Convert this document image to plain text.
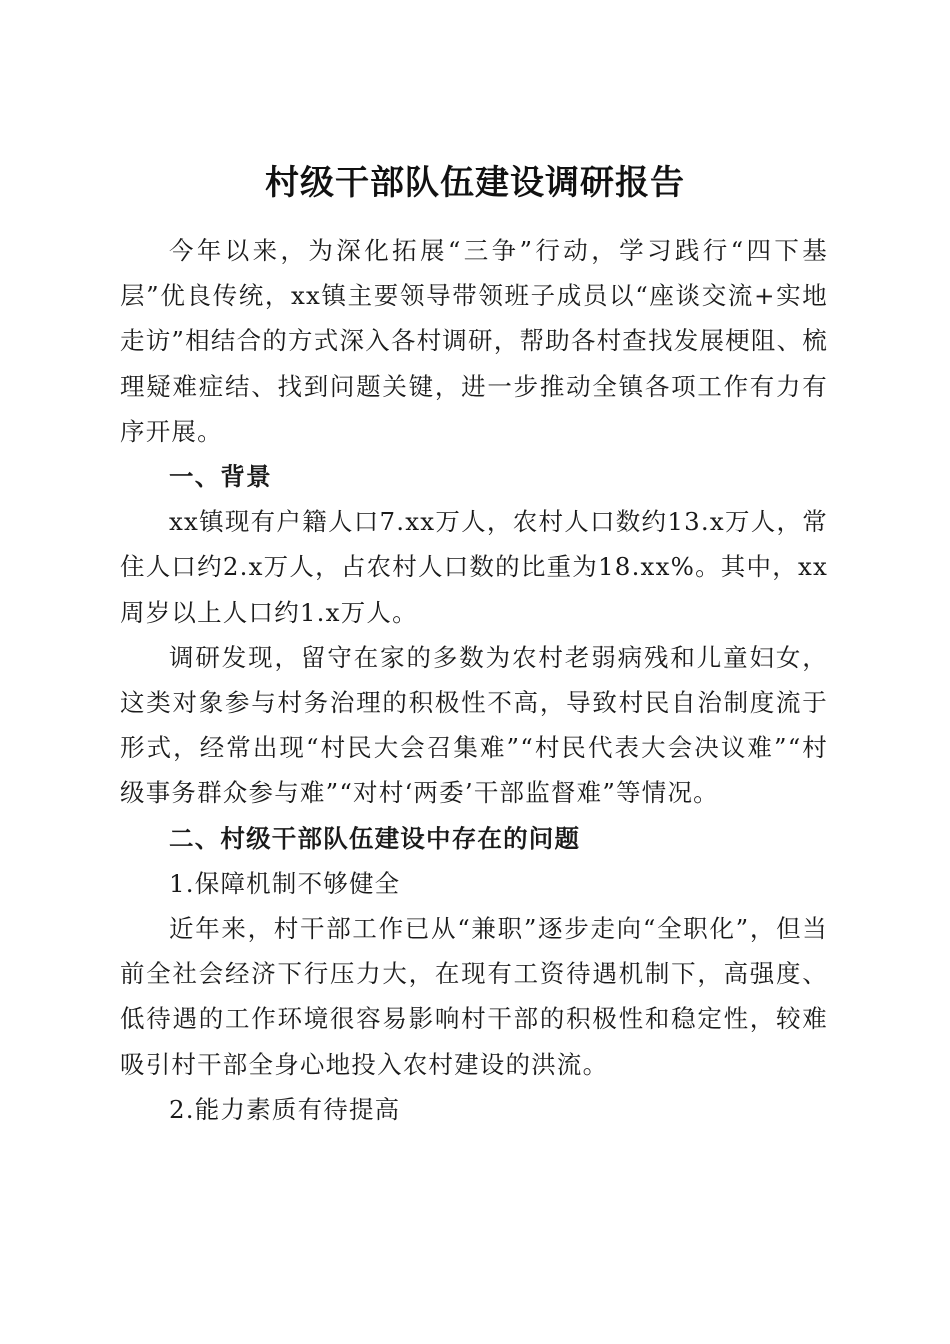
村级干部队伍建设调研报告

今年以来，为深化拓展“三争”行动，学习践行“四下基层”优良传统，xx镇主要领导带领班子成员以“座谈交流+实地走访”相结合的方式深入各村调研，帮助各村查找发展梗阻、梳理疑难症结、找到问题关键，进一步推动全镇各项工作有力有序开展。

一、背景

xx镇现有户籍人口7.xx万人，农村人口数约13.x万人，常住人口约2.x万人，占农村人口数的比重为18.xx%。其中，xx周岁以上人口约1.x万人。

调研发现，留守在家的多数为农村老弱病残和儿童妇女，这类对象参与村务治理的积极性不高，导致村民自治制度流于形式，经常出现“村民大会召集难”“村民代表大会决议难”“村级事务群众参与难”“对村‘两委’干部监督难”等情况。

二、村级干部队伍建设中存在的问题
1.保障机制不够健全

近年来，村干部工作已从“兼职”逐步走向“全职化”，但当前全社会经济下行压力大，在现有工资待遇机制下，高强度、低待遇的工作环境很容易影响村干部的积极性和稳定性，较难吸引村干部全身心地投入农村建设的洪流。

2.能力素质有待提高
